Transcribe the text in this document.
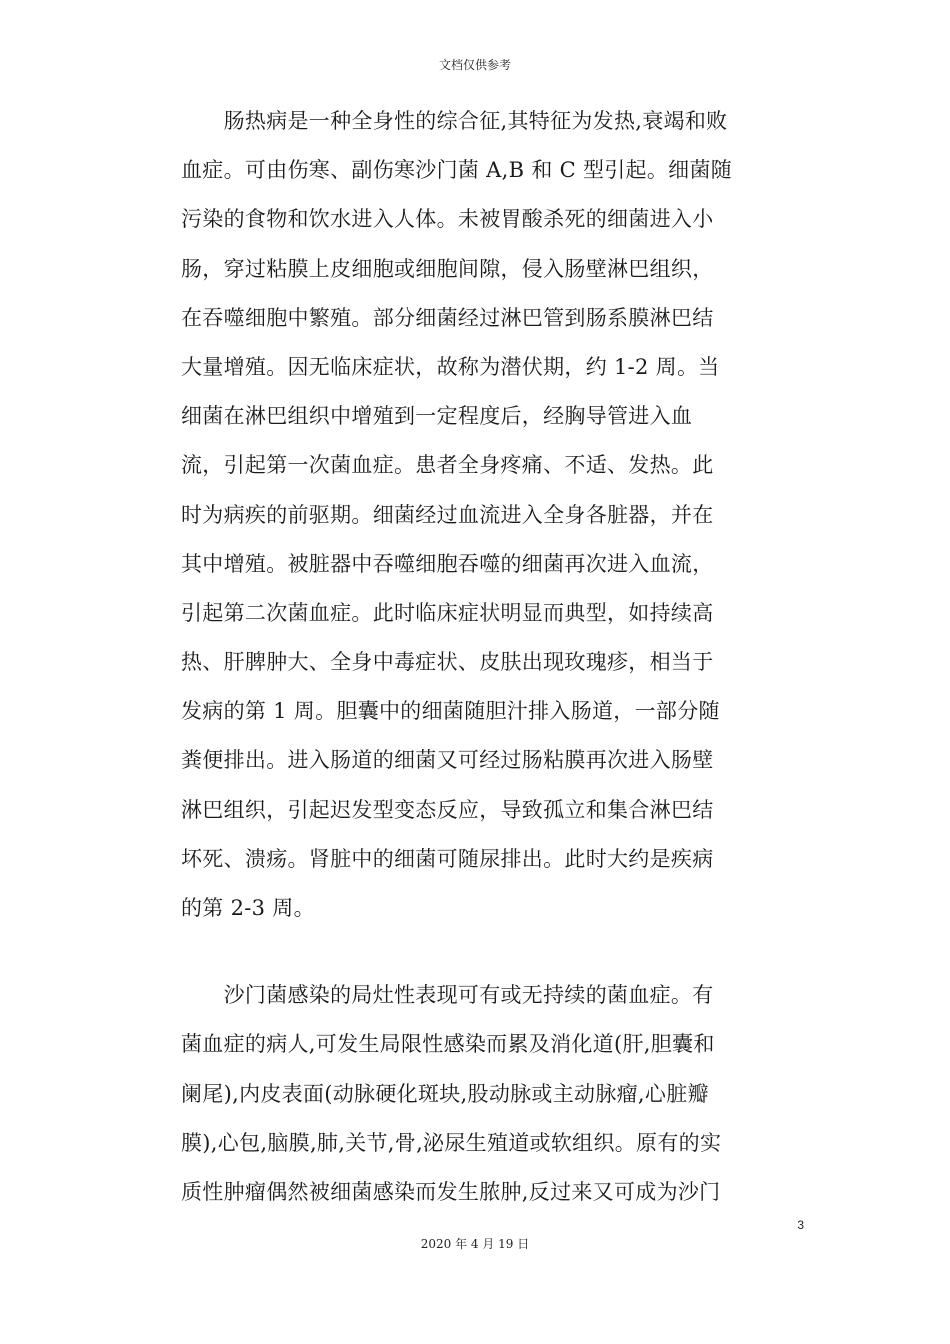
文档仅供参考
　　肠热病是一种全身性的综合征,其特征为发热,衰竭和败
血症。可由伤寒、副伤寒沙门菌 A,B 和 C 型引起。细菌随
污染的食物和饮水进入人体。未被胃酸杀死的细菌进入小
肠，穿过粘膜上皮细胞或细胞间隙，侵入肠壁淋巴组织，
在吞噬细胞中繁殖。部分细菌经过淋巴管到肠系膜淋巴结
大量增殖。因无临床症状，故称为潜伏期，约 1-2 周。当
细菌在淋巴组织中增殖到一定程度后，经胸导管进入血
流，引起第一次菌血症。患者全身疼痛、不适、发热。此
时为病疾的前驱期。细菌经过血流进入全身各脏器，并在
其中增殖。被脏器中吞噬细胞吞噬的细菌再次进入血流，
引起第二次菌血症。此时临床症状明显而典型，如持续高
热、肝脾肿大、全身中毒症状、皮肤出现玫瑰疹，相当于
发病的第 1 周。胆囊中的细菌随胆汁排入肠道，一部分随
粪便排出。进入肠道的细菌又可经过肠粘膜再次进入肠壁
淋巴组织，引起迟发型变态反应，导致孤立和集合淋巴结
坏死、溃疡。肾脏中的细菌可随尿排出。此时大约是疾病
的第 2-3 周。
　　沙门菌感染的局灶性表现可有或无持续的菌血症。有
菌血症的病人,可发生局限性感染而累及消化道(肝,胆囊和
阑尾),内皮表面(动脉硬化斑块,股动脉或主动脉瘤,心脏瓣
膜),心包,脑膜,肺,关节,骨,泌尿生殖道或软组织。原有的实
质性肿瘤偶然被细菌感染而发生脓肿,反过来又可成为沙门
3
2020 年 4 月 19 日
